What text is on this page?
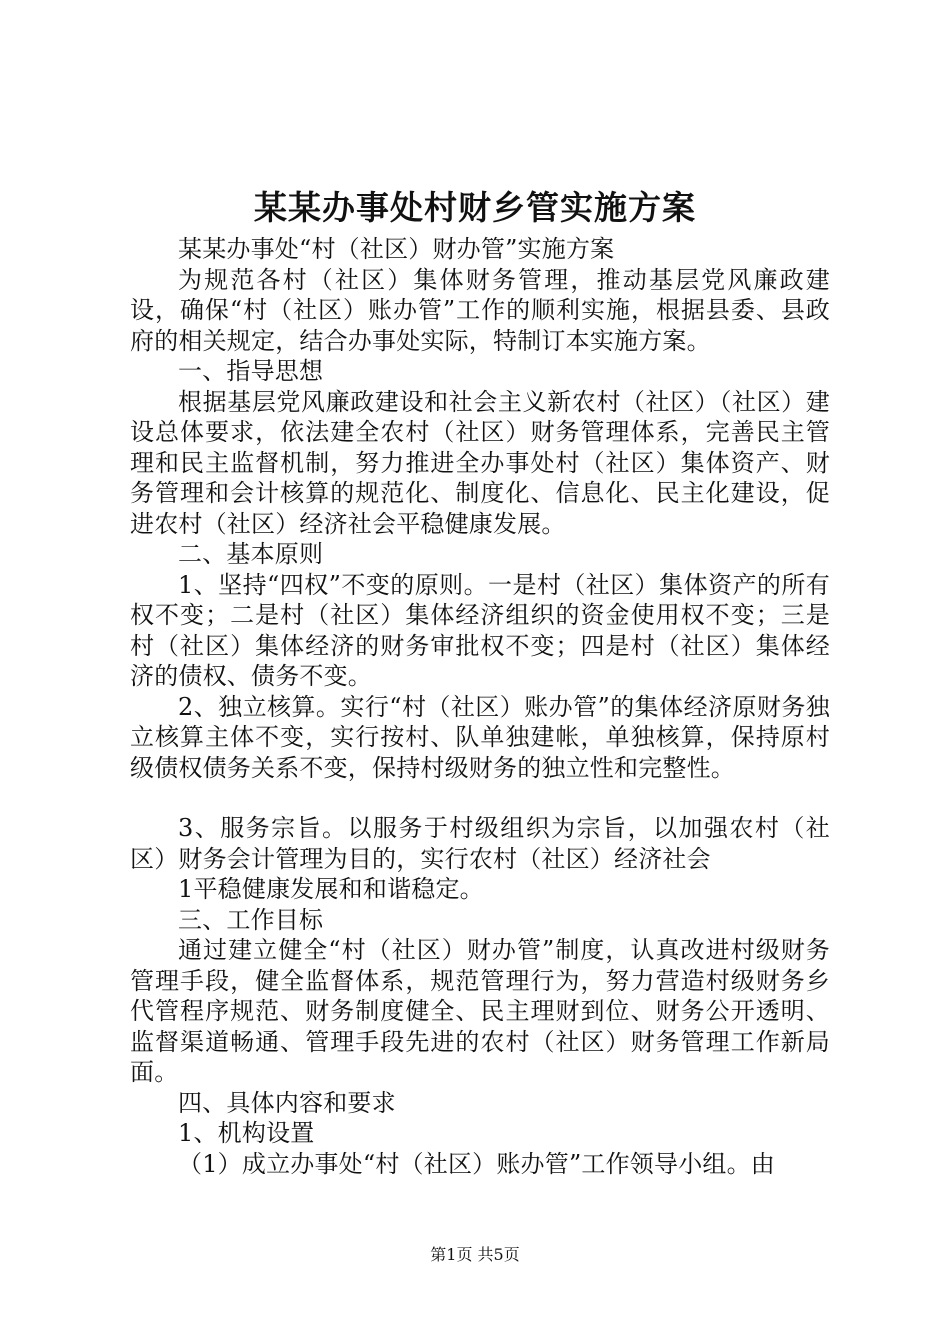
某某办事处村财乡管实施方案

某某办事处“村（社区）财办管”实施方案

为规范各村（社区）集体财务管理，推动基层党风廉政建设，确保“村（社区）账办管”工作的顺利实施，根据县委、县政府的相关规定，结合办事处实际，特制订本实施方案。

一、指导思想

根据基层党风廉政建设和社会主义新农村（社区）（社区）建设总体要求，依法建全农村（社区）财务管理体系，完善民主管理和民主监督机制，努力推进全办事处村（社区）集体资产、财务管理和会计核算的规范化、制度化、信息化、民主化建设，促进农村（社区）经济社会平稳健康发展。

二、基本原则

1、坚持“四权”不变的原则。一是村（社区）集体资产的所有权不变；二是村（社区）集体经济组织的资金使用权不变；三是村（社区）集体经济的财务审批权不变；四是村（社区）集体经济的债权、债务不变。

2、独立核算。实行“村（社区）账办管”的集体经济原财务独立核算主体不变，实行按村、队单独建帐，单独核算，保持原村级债权债务关系不变，保持村级财务的独立性和完整性。

3、服务宗旨。以服务于村级组织为宗旨，以加强农村（社区）财务会计管理为目的，实行农村（社区）经济社会

1平稳健康发展和和谐稳定。

三、工作目标

通过建立健全“村（社区）财办管”制度，认真改进村级财务管理手段，健全监督体系，规范管理行为，努力营造村级财务乡代管程序规范、财务制度健全、民主理财到位、财务公开透明、监督渠道畅通、管理手段先进的农村（社区）财务管理工作新局面。

四、具体内容和要求

1、机构设置

（1）成立办事处“村（社区）账办管”工作领导小组。由

第1页 共5页
